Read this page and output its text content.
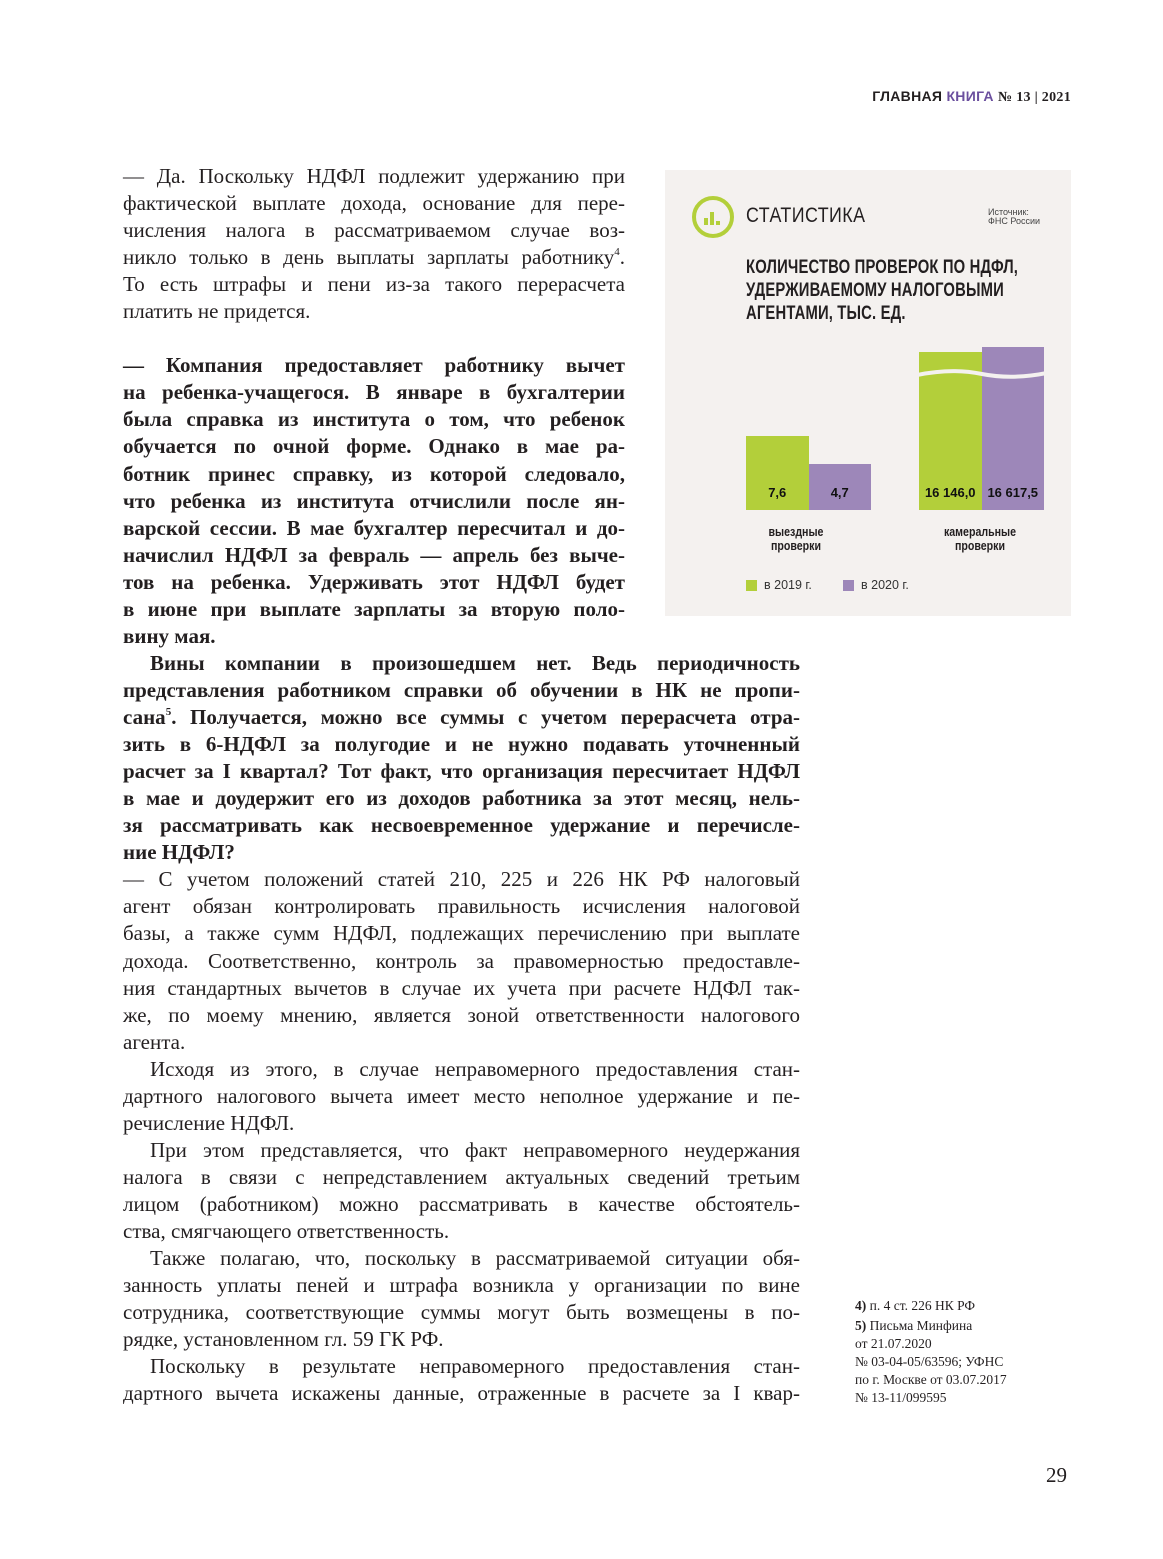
ГЛАВНАЯ КНИГА № 13 | 2021
— Да. Поскольку НДФЛ подлежит удержанию при
фактической выплате дохода, основание для пере-
числения налога в рассматриваемом случае воз-
никло только в день выплаты зарплаты работнику$^4$.
То есть штрафы и пени из-за такого перерасчета
платить не придется.
— Компания предоставляет работнику вычет
на ребенка-учащегося. В январе в бухгалтерии
была справка из института о том, что ребенок
обучается по очной форме. Однако в мае ра-
ботник принес справку, из которой следовало,
что ребенка из института отчислили после ян-
варской сессии. В мае бухгалтер пересчитал и до-
начислил НДФЛ за февраль — апрель без выче-
тов на ребенка. Удерживать этот НДФЛ будет
в июне при выплате зарплаты за вторую поло-
вину мая.
Вины компании в произошедшем нет. Ведь периодичность
представления работником справки об обучении в НК не пропи-
сана$^5$. Получается, можно все суммы с учетом перерасчета отра-
зить в 6-НДФЛ за полугодие и не нужно подавать уточненный
расчет за I квартал? Тот факт, что организация пересчитает НДФЛ
в мае и доудержит его из доходов работника за этот месяц, нель-
зя рассматривать как несвоевременное удержание и перечисле-
ние НДФЛ?
— С учетом положений статей 210, 225 и 226 НК РФ налоговый
агент обязан контролировать правильность исчисления налоговой
базы, а также сумм НДФЛ, подлежащих перечислению при выплате
дохода. Соответственно, контроль за правомерностью предоставле-
ния стандартных вычетов в случае их учета при расчете НДФЛ так-
же, по моему мнению, является зоной ответственности налогового
агента.
Исходя из этого, в случае неправомерного предоставления стан-
дартного налогового вычета имеет место неполное удержание и пе-
речисление НДФЛ.
При этом представляется, что факт неправомерного неудержания
налога в связи с непредставлением актуальных сведений третьим
лицом (работником) можно рассматривать в качестве обстоятель-
ства, смягчающего ответственность.
Также полагаю, что, поскольку в рассматриваемой ситуации обя-
занность уплаты пеней и штрафа возникла у организации по вине
сотрудника, соответствующие суммы могут быть возмещены в по-
рядке, установленном гл. 59 ГК РФ.
Поскольку в результате неправомерного предоставления стан-
дартного вычета искажены данные, отраженные в расчете за I квар-
СТАТИСТИКА	Источник:
ФНС России
КОЛИЧЕСТВО ПРОВЕРОК ПО НДФЛ,
УДЕРЖИВАЕМОМУ НАЛОГОВЫМИ
АГЕНТАМИ, ТЫС. ЕД.
7,6	16 146,0
4,7	16 617,5
выездные
проверки
камеральные
проверки
в 2019 г.	в 2020 г.
4) п. 4 ст. 226 НК РФ
5) Письма Минфина
от 21.07.2020
№ 03-04-05/63596; УФНС
по г. Москве от 03.07.2017
№ 13-11/099595
29
